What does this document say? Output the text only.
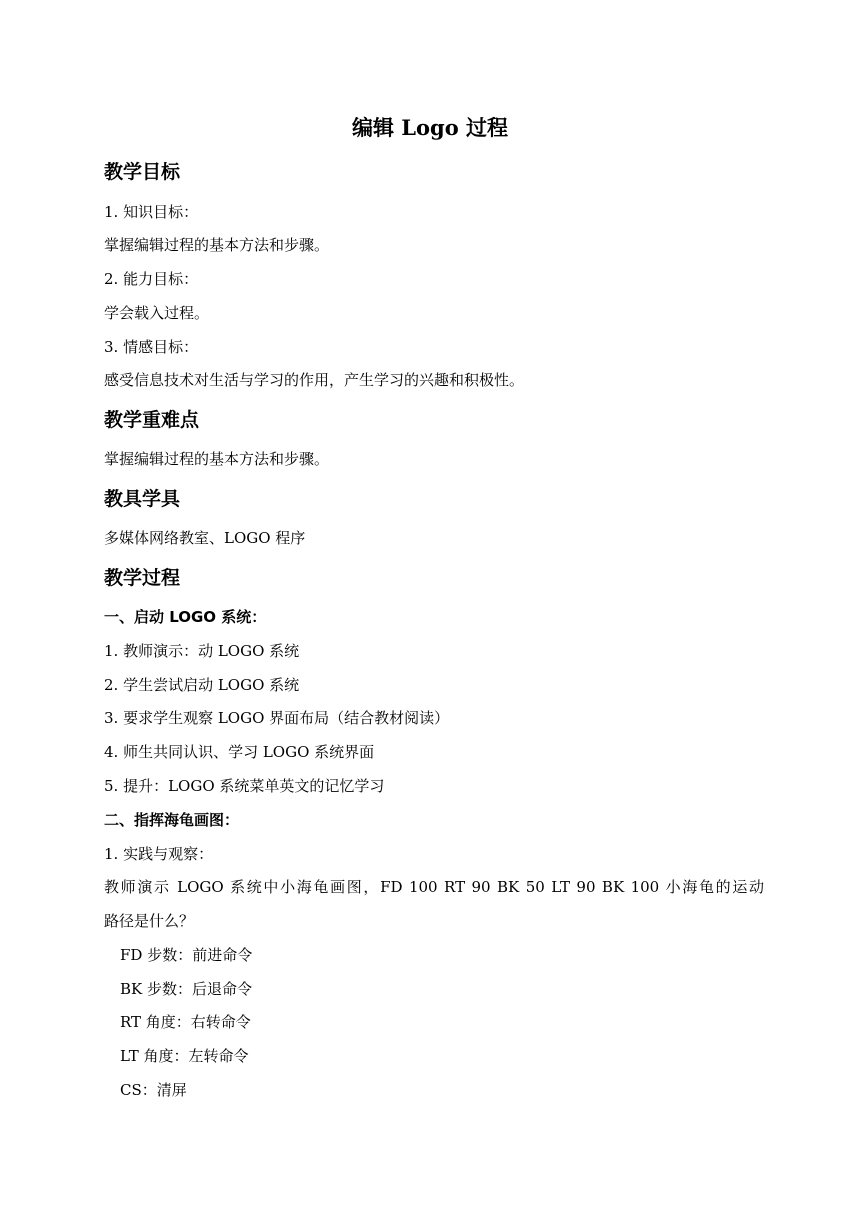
编辑 Logo 过程
教学目标
1. 知识目标：
掌握编辑过程的基本方法和步骤。
2. 能力目标：
学会载入过程。
3. 情感目标：
感受信息技术对生活与学习的作用，产生学习的兴趣和积极性。
教学重难点
掌握编辑过程的基本方法和步骤。
教具学具
多媒体网络教室、LOGO 程序
教学过程
一、启动 LOGO 系统：
1. 教师演示：动 LOGO 系统
2. 学生尝试启动 LOGO 系统
3. 要求学生观察 LOGO 界面布局（结合教材阅读）
4. 师生共同认识、学习 LOGO 系统界面
5. 提升：LOGO 系统菜单英文的记忆学习
二、指挥海龟画图：
1. 实践与观察：
教师演示 LOGO 系统中小海龟画图，FD 100 RT 90 BK 50 LT 90 BK 100 小海龟的运动
路径是什么？
FD 步数：前进命令
BK 步数：后退命令
RT 角度：右转命令
LT 角度：左转命令
CS：清屏
